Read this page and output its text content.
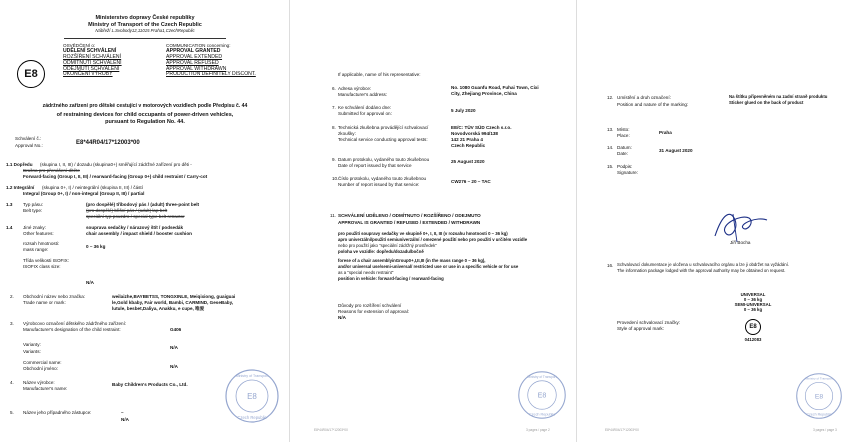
Ministerstvo dopravy České republiky
Ministry of Transport of the Czech Republic
Nábřeží L.Svobody12,11015 Praha1,CzechRepublic
E8
OSVĚDČENÍ o:
UDĚLENÍ SCHVÁLENÍ
ROZŠÍŘENÍ SCHVÁLENÍ
ODMÍTNUTÍ SCHVÁLENÍ
ODEJMUTÍ SCHVÁLENÍ
UKONČENÍ VÝROBY
COMMUNICATION concerning:
APPROVAL GRANTED
APPROVAL EXTENDED
APPROVAL REFUSED
APPROVAL WITHDRAWN
PRODUCTION DEFINITELY DISCONT.
zádržného zařízení pro dětské cestující v motorových vozidlech podle Předpisu č. 44
of restraining devices for child occupants of power-driven vehicles,
pursuant to Regulation No. 44.
Schválení č.:
Approval No.:	E8*44R04/17*12003*00
1.1 Dopředu (skupina I, II, III) / dozadu (skupina0+) směřující zádržné zařízení pro děti -
Brašna pro přenášení dítěte
Forward-facing (Group I, II, III) / rearward-facing (Group 0+) child restraint / Carry-cot
1.2 Integrální (skupina 0+, I) / neintegrální (skupina II, III) / částí
Integral (Group 0+, I) / non-integral (Group II, III) / partial
1.3 Typ pásu:
Belt type:
(pro dospělé) tříbodový pás / (adult) three-point belt
(pro dospělé) břišní pás / (adult) lap belt
speciální typ pouzdro / special type belt retractor
1.4 Jiné znaky:
Other features:
souprava sedačky / nárazový štít / podsedák
chair assembly / impact shield / booster cushion
rozsah hmotnosti:
mass range:
0 – 36 kg
Třída velikosti ISOFIX:
ISOFIX class size:
N/A
2. Obchodní název nebo značka:
Trade name or mark:
weilaizhe,BAYBETSS, TONGXINLE, Meiqixiong, guaiguai
le,Gold kbaby, Fair world, Bambi, CARMIND, GeseBaby,
lutule, besbet,Daliya, Anakku, e cupe, 唯爱
3. Výrobcovo označení dětského zádržného zařízení:
Manufacturer's designation of the child restraint:	G406
Varianty:
Variants:
N/A
Commercial name:
Obchodní jméno:	N/A
4. Název výrobce:
Manufacturer's name:
Baby Children's Products Co., Ltd.
5. Název jeho případného zástupce:	–
N/A
E8
Ministry of Transport
Czech Republic
If applicable, name of his representative:
6. Adresa výrobce:
Manufacturer's address:
No. 1080 Guanfu Road, Fuhai Town, Cixi
City, Zhejiang Province, China
7. Ke schválení dodáno dne:
Submitted for approval on:
5 July 2020
8. Technická zkušebna provádějící schvalovací
zkoušky:
Technical service conducting approval tests:
EE/C: TÜV SÜD Czech s.r.o.
Novodvorská 994/138
142 21 Praha 4
Czech Republic
9. Datum protokolu, vydaného touto zkušebnou
Date of report issued by that service
25 August 2020
10. Číslo protokolu, vydaného touto zkušebnou
Number of report issued by that service:
CW276 – 20 – TAC
11. SCHVÁLENÍ UDĚLENO / ODMÍTNUTO / ROZŠÍŘENO / ODEJMUTO
APPROVAL IS GRANTED / REFUSED / EXTENDED / WITHDRAWN
pro použití soupravy sedačky ve skupině 0+, I, II, III (v rozsahu hmotnosti 0 – 36 kg)
apro univerzální/použití semiuniverzální / omezené použití nebo pro použití v určitém vozidle
nebo pro použití jako "speciální zádržný prostředek"
poloha ve vozidle: dopředu/dozadu/bočně
forese of a chair assemblyinGroup0+,I,II,III (in the mass range 0 – 36 kg),
and/or universal use/semi-universal/ restricted use or use in a specific vehicle or for use
as a "special needs restraint"
position in vehicle: forward-facing / rearward-facing
Důvody pro rozšíření schválení
Reasons for extension of approval:
N/A
E8
Ministry of Transport
Czech Republic
E8*44R04/17*12003*00	3 pages / page 2
12. Umístění a druh označení:
Position and nature of the marking:
Na štítku připevněném na zadní straně produktu
Sticker glued on the back of product
13. Místo:
Place:
Praha
14. Datum:
Date:
31 August 2020
15. Podpis:
Signature:
Jiří Bocha
16. Schvalovací dokumentace je uložena u schvalovacího orgánu a lze ji obdržet na vyžádání.
The information package lodged with the approval authority may be obtained on request.
UNIVERSAL
0 – 36 kg
SEMI-UNIVERSAL
0 – 36 kg
E8
0412083
Provedení schvalovací značky:
Style of approval mark:
E8
Ministry of Transport
Czech Republic
E8*44R04/17*12003*00	3 pages / page 3
